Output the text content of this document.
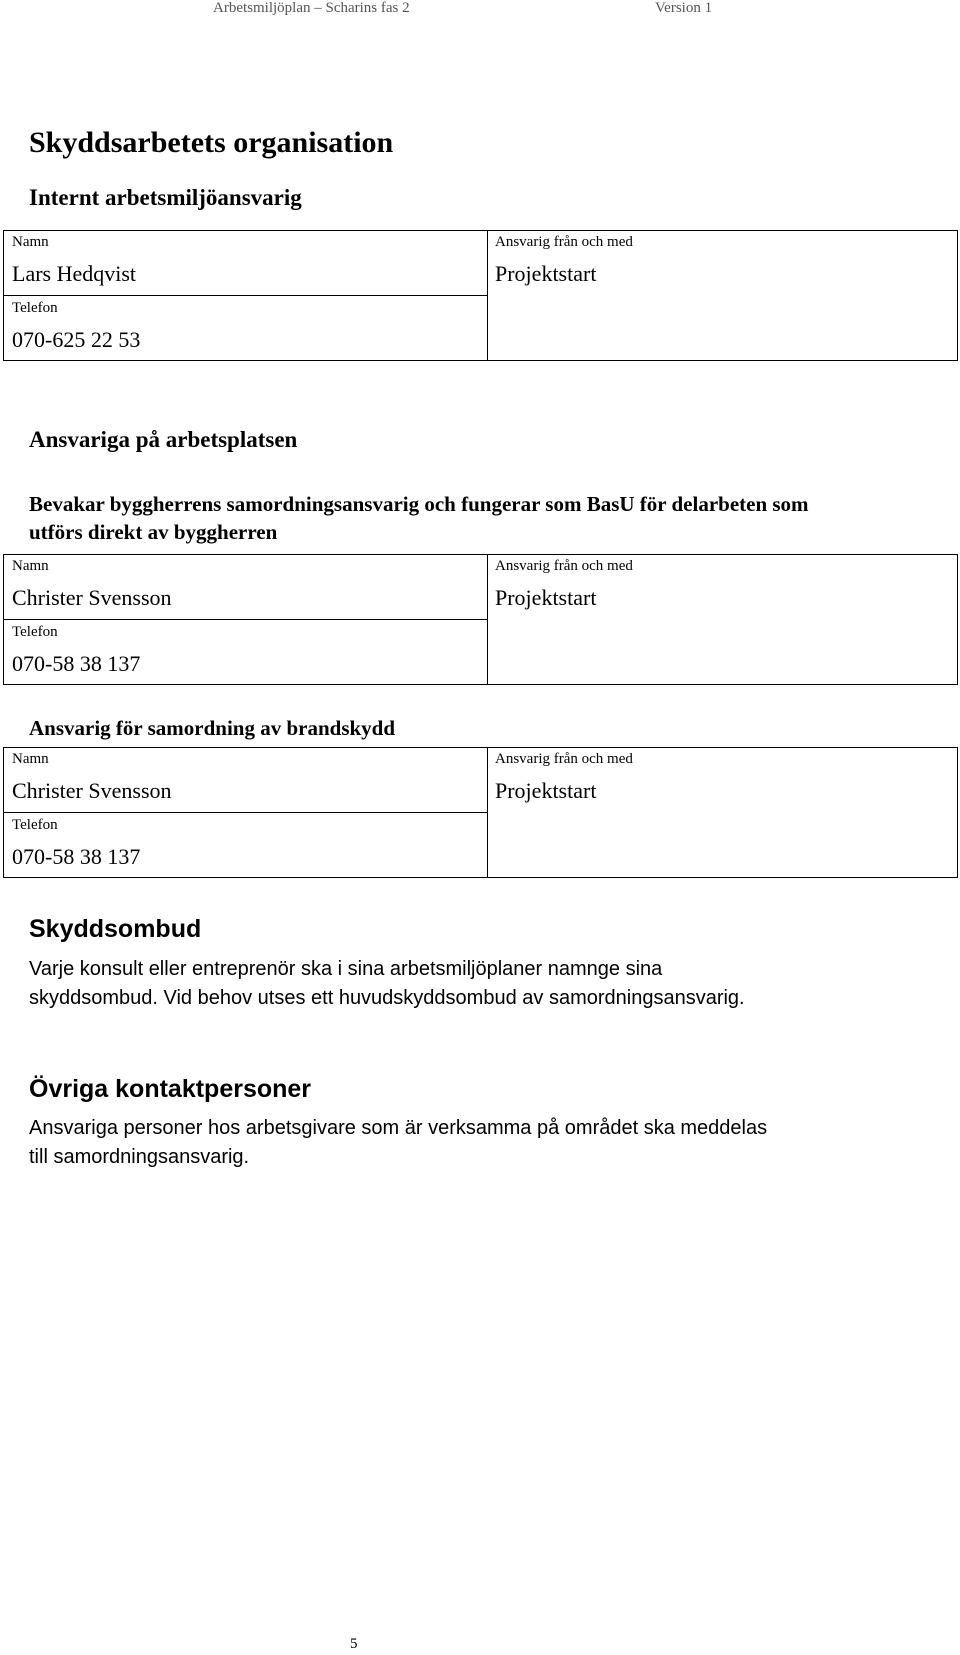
Arbetsmiljöplan – Scharins fas 2	Version 1
Skyddsarbetets organisation
Internt arbetsmiljöansvarig
Namn
Lars Hedqvist
Telefon
070-625 22 53
Ansvarig från och med
Projektstart
Ansvariga på arbetsplatsen
Bevakar byggherrens samordningsansvarig och fungerar som BasU för delarbeten som utförs direkt av byggherren
Namn
Christer Svensson
Telefon
070-58 38 137
Ansvarig från och med
Projektstart
Ansvarig för samordning av brandskydd
Namn
Christer Svensson
Telefon
070-58 38 137
Ansvarig från och med
Projektstart
Skyddsombud

Varje konsult eller entreprenör ska i sina arbetsmiljöplaner namnge sina skyddsombud. Vid behov utses ett huvudskyddsombud av samordningsansvarig.

Övriga kontaktpersoner

Ansvariga personer hos arbetsgivare som är verksamma på området ska meddelas till samordningsansvarig.

5
